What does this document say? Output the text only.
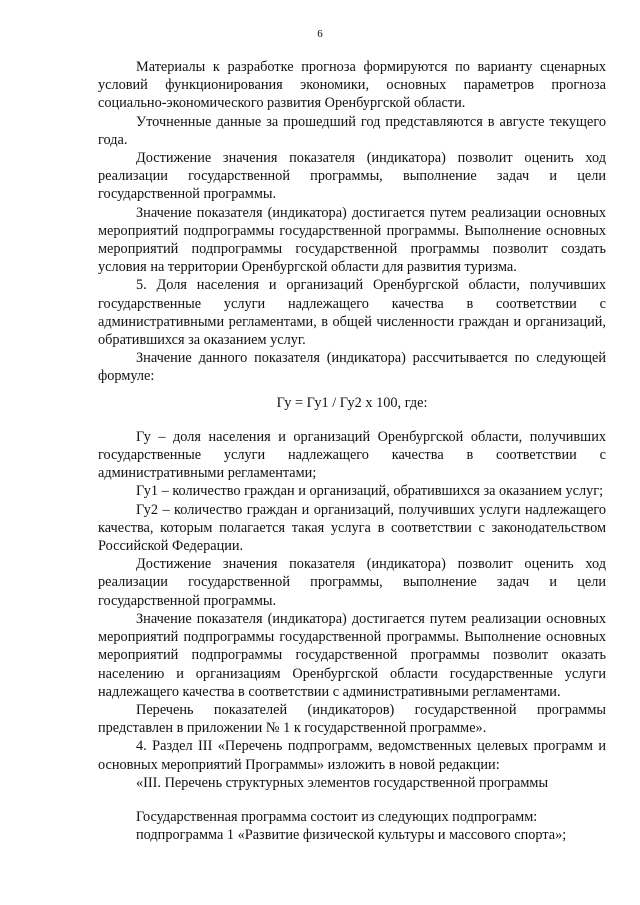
6

Материалы к разработке прогноза формируются по варианту сценарных условий функционирования экономики, основных параметров прогноза социально-экономического развития Оренбургской области.

Уточненные данные за прошедший год представляются в августе текущего года.

Достижение значения показателя (индикатора) позволит оценить ход реализации государственной программы, выполнение задач и цели государственной программы.

Значение показателя (индикатора) достигается путем реализации основных мероприятий подпрограммы государственной программы. Выполнение основных мероприятий подпрограммы государственной программы позволит создать условия на территории Оренбургской области для развития туризма.

5. Доля населения и организаций Оренбургской области, получивших государственные услуги надлежащего качества в соответствии с административными регламентами, в общей численности граждан и организаций, обратившихся за оказанием услуг.

Значение данного показателя (индикатора) рассчитывается по следующей формуле:

Гу = Гу1 / Гу2 х 100, где:

Гу – доля населения и организаций Оренбургской области, получивших государственные услуги надлежащего качества в соответствии с административными регламентами;

Гу1 – количество граждан и организаций, обратившихся за оказанием услуг;

Гу2 – количество граждан и организаций, получивших услуги надлежащего качества, которым полагается такая услуга в соответствии с законодательством Российской Федерации.

Достижение значения показателя (индикатора) позволит оценить ход реализации государственной программы, выполнение задач и цели государственной программы.

Значение показателя (индикатора) достигается путем реализации основных мероприятий подпрограммы государственной программы. Выполнение основных мероприятий подпрограммы государственной программы позволит оказать населению и организациям Оренбургской области государственные услуги надлежащего качества в соответствии с административными регламентами.

Перечень показателей (индикаторов) государственной программы представлен в приложении № 1 к государственной программе».

4. Раздел III «Перечень подпрограмм, ведомственных целевых программ и основных мероприятий Программы» изложить в новой редакции:

«III. Перечень структурных элементов государственной программы

Государственная программа состоит из следующих подпрограмм:

подпрограмма 1 «Развитие физической культуры и массового спорта»;
